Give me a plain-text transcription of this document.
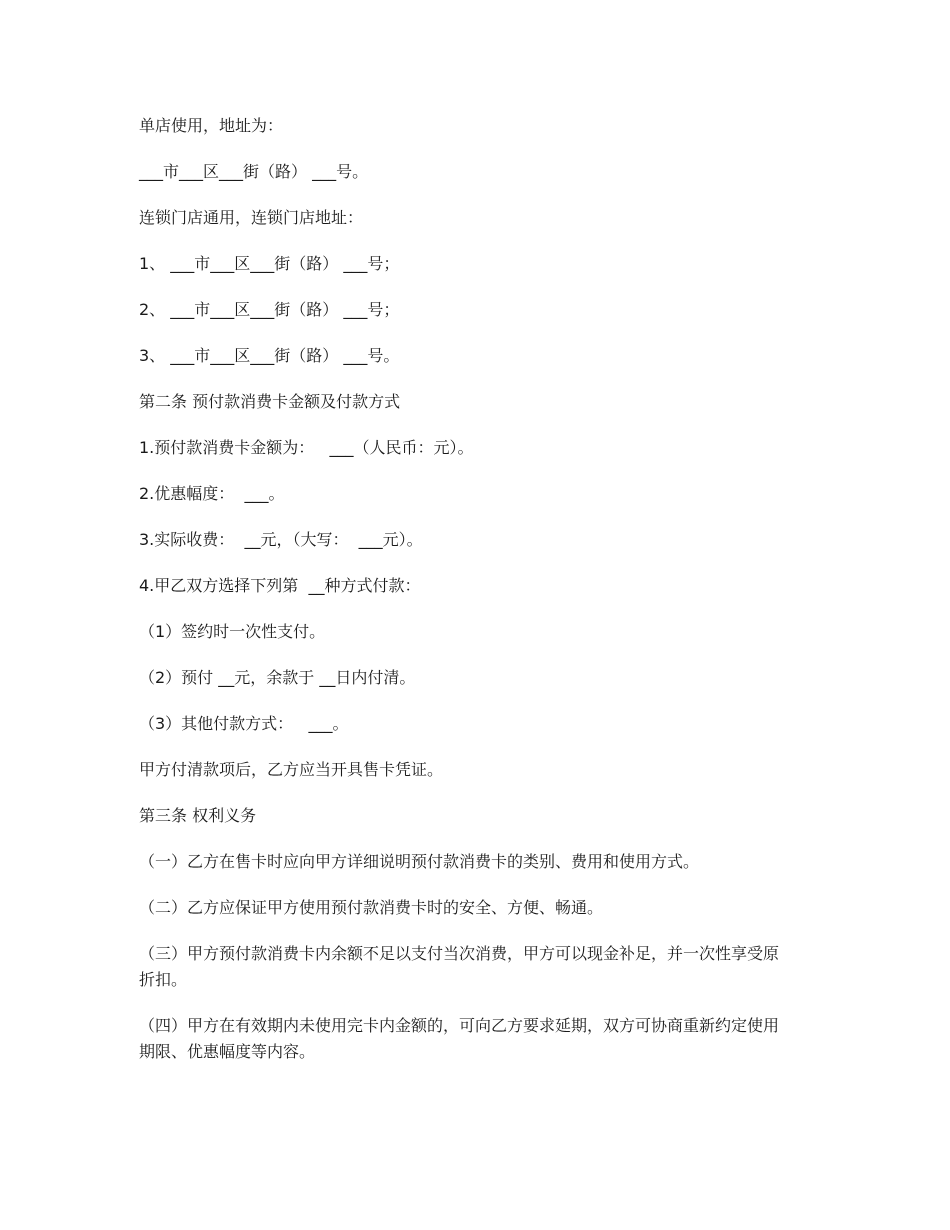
单店使用，地址为：

___市___区___街（路） ___号。

连锁门店通用，连锁门店地址：

1、 ___市___区___街（路） ___号；

2、 ___市___区___街（路） ___号；

3、 ___市___区___街（路） ___号。

第二条 预付款消费卡金额及付款方式

1.预付款消费卡金额为：   ___（人民币：元）。

2.优惠幅度：  ___。

3.实际收费：  __元，（大写：  ___元）。

4.甲乙双方选择下列第  __种方式付款：

（1）签约时一次性支付。

（2）预付 __元，余款于 __日内付清。

（3）其他付款方式：   ___。

甲方付清款项后，乙方应当开具售卡凭证。

第三条 权利义务

（一）乙方在售卡时应向甲方详细说明预付款消费卡的类别、费用和使用方式。

（二）乙方应保证甲方使用预付款消费卡时的安全、方便、畅通。

（三）甲方预付款消费卡内余额不足以支付当次消费，甲方可以现金补足，并一次性享受原折扣。

（四）甲方在有效期内未使用完卡内金额的，可向乙方要求延期，双方可协商重新约定使用期限、优惠幅度等内容。
